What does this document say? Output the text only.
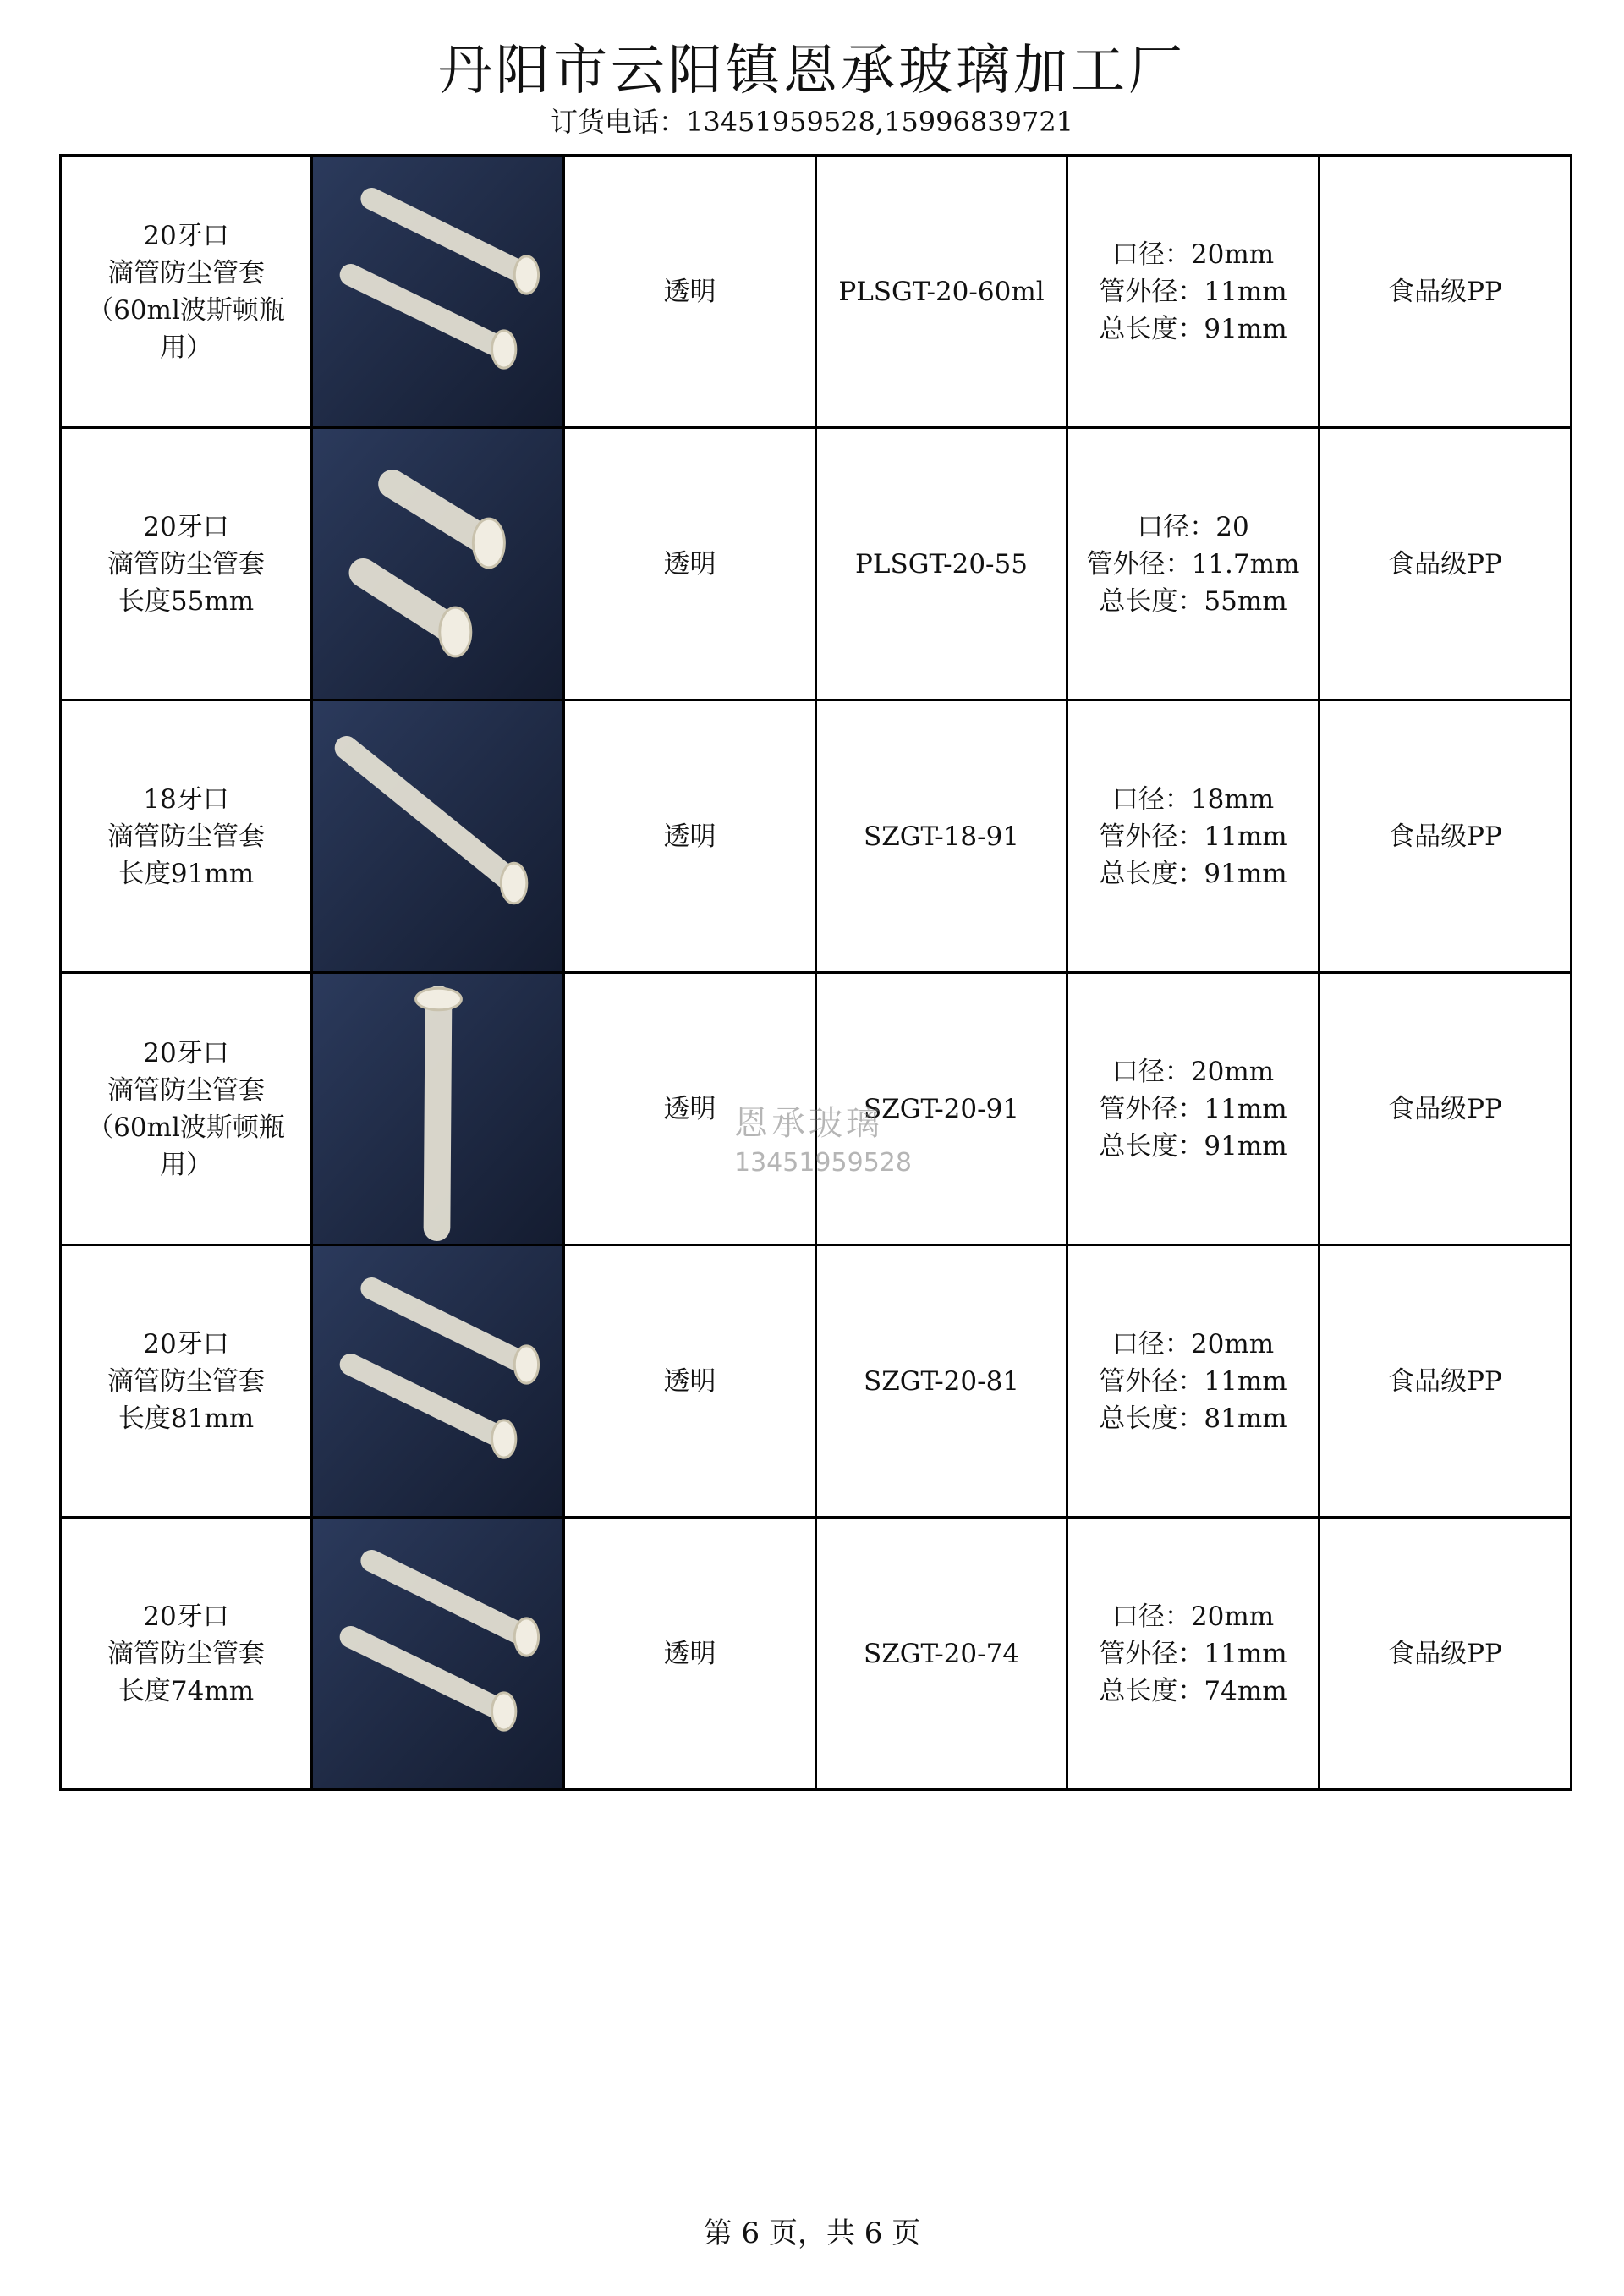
丹阳市云阳镇恩承玻璃加工厂
订货电话：13451959528,15996839721
20牙口
滴管防尘管套
（60ml波斯顿瓶
用）		透明	PLSGT-20-60ml	口径：20mm
管外径：11mm
总长度：91mm	食品级PP

20牙口
滴管防尘管套
长度55mm		透明	PLSGT-20-55	口径：20
管外径：11.7mm
总长度：55mm	食品级PP

18牙口
滴管防尘管套
长度91mm		透明	SZGT-18-91	口径：18mm
管外径：11mm
总长度：91mm	食品级PP

20牙口
滴管防尘管套
（60ml波斯顿瓶
用）		透明	SZGT-20-91	口径：20mm
管外径：11mm
总长度：91mm	食品级PP

20牙口
滴管防尘管套
长度81mm		透明	SZGT-20-81	口径：20mm
管外径：11mm
总长度：81mm	食品级PP

20牙口
滴管防尘管套
长度74mm		透明	SZGT-20-74	口径：20mm
管外径：11mm
总长度：74mm	食品级PP
恩承玻璃
13451959528
第 6 页，共 6 页
